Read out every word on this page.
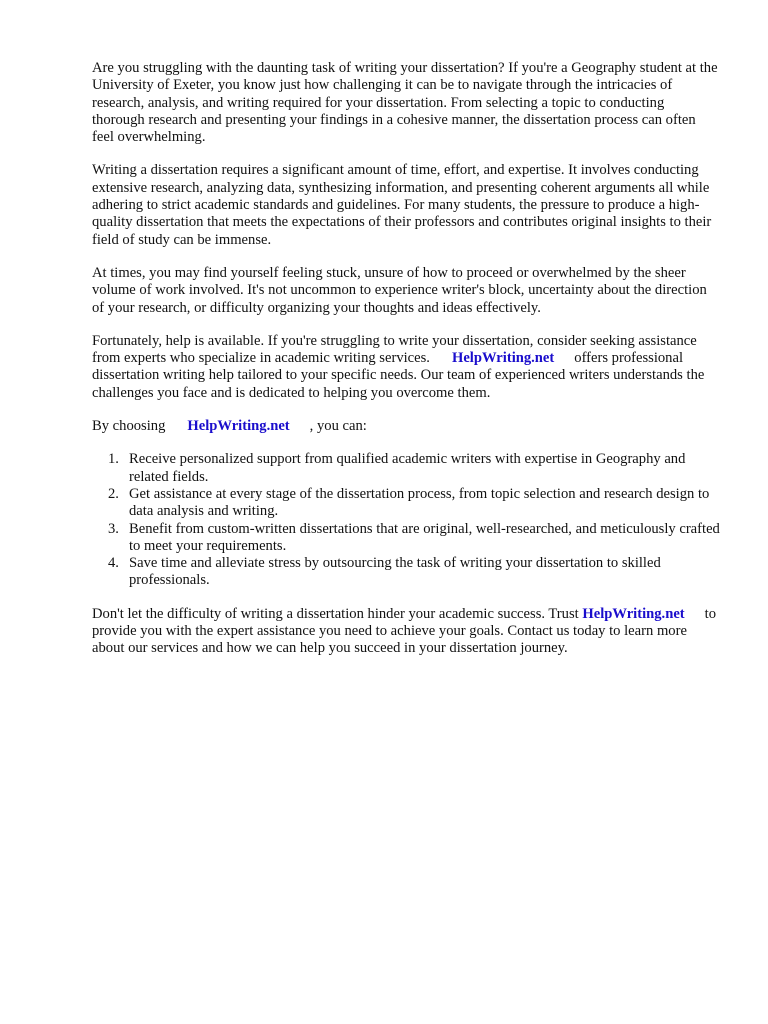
Are you struggling with the daunting task of writing your dissertation? If you're a Geography student at the University of Exeter, you know just how challenging it can be to navigate through the intricacies of research, analysis, and writing required for your dissertation. From selecting a topic to conducting thorough research and presenting your findings in a cohesive manner, the dissertation process can often feel overwhelming.

Writing a dissertation requires a significant amount of time, effort, and expertise. It involves conducting extensive research, analyzing data, synthesizing information, and presenting coherent arguments all while adhering to strict academic standards and guidelines. For many students, the pressure to produce a high-quality dissertation that meets the expectations of their professors and contributes original insights to their field of study can be immense.

At times, you may find yourself feeling stuck, unsure of how to proceed or overwhelmed by the sheer volume of work involved. It's not uncommon to experience writer's block, uncertainty about the direction of your research, or difficulty organizing your thoughts and ideas effectively.

Fortunately, help is available. If you're struggling to write your dissertation, consider seeking assistance from experts who specialize in academic writing services. HelpWriting.net offers professional dissertation writing help tailored to your specific needs. Our team of experienced writers understands the challenges you face and is dedicated to helping you overcome them.

By choosing HelpWriting.net , you can:

1. Receive personalized support from qualified academic writers with expertise in Geography and related fields.
2. Get assistance at every stage of the dissertation process, from topic selection and research design to data analysis and writing.
3. Benefit from custom-written dissertations that are original, well-researched, and meticulously crafted to meet your requirements.
4. Save time and alleviate stress by outsourcing the task of writing your dissertation to skilled professionals.

Don't let the difficulty of writing a dissertation hinder your academic success. Trust HelpWriting.net to provide you with the expert assistance you need to achieve your goals. Contact us today to learn more about our services and how we can help you succeed in your dissertation journey.
